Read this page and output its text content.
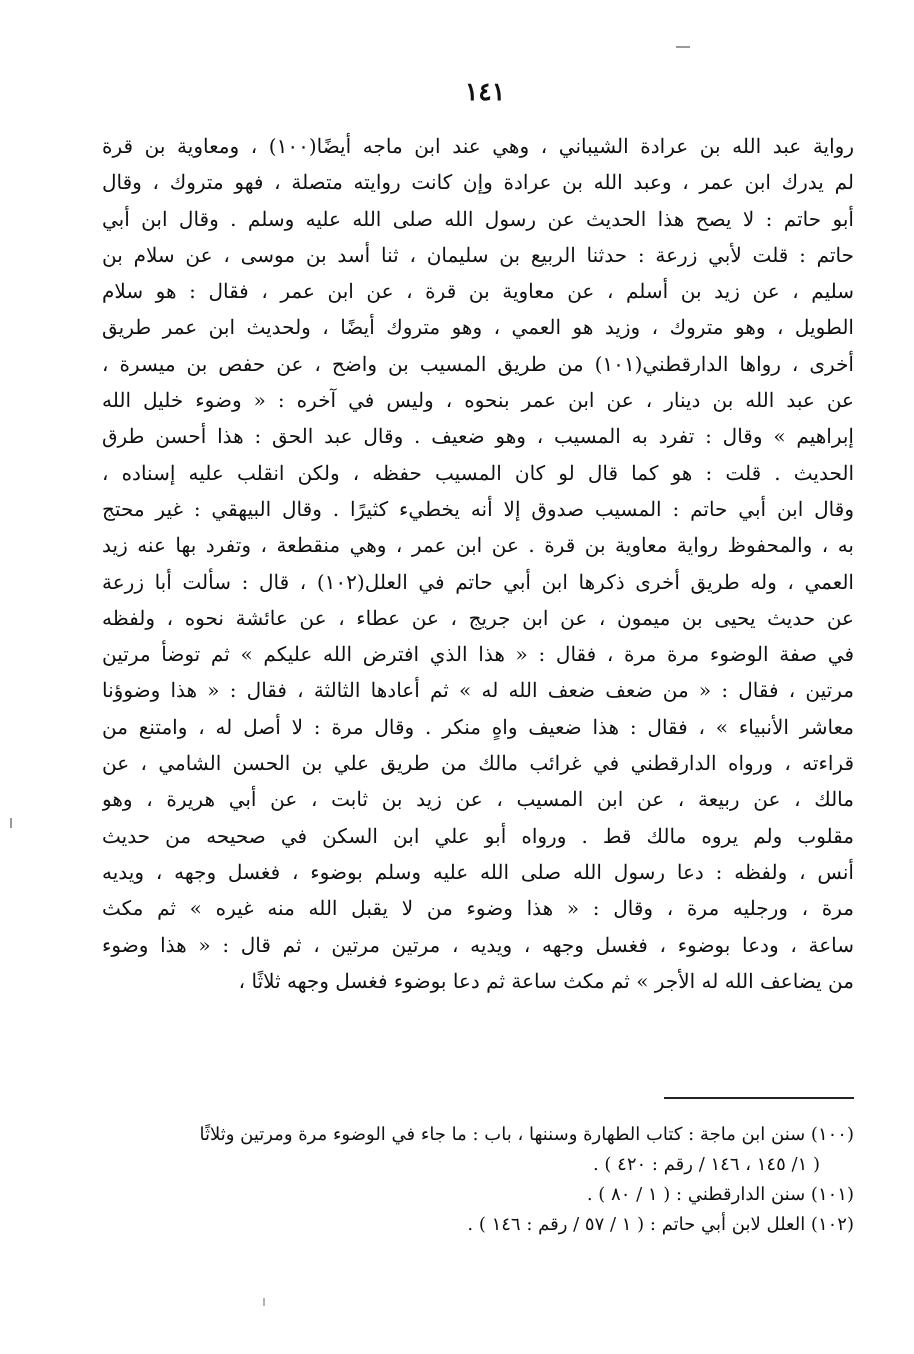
١٤١
رواية عبد الله بن عرادة الشيباني ، وهي عند ابن ماجه أيضًا(١٠٠) ، ومعاوية بن قرة
لم يدرك ابن عمر ، وعبد الله بن عرادة وإن كانت روايته متصلة ، فهو متروك ، وقال
أبو حاتم : لا يصح هذا الحديث عن رسول الله صلى الله عليه وسلم . وقال ابن أبي
حاتم : قلت لأبي زرعة : حدثنا الربيع بن سليمان ، ثنا أسد بن موسى ، عن سلام بن
سليم ، عن زيد بن أسلم ، عن معاوية بن قرة ، عن ابن عمر ، فقال : هو سلام
الطويل ، وهو متروك ، وزيد هو العمي ، وهو متروك أيضًا ، ولحديث ابن عمر طريق
أخرى ، رواها الدارقطني(١٠١) من طريق المسيب بن واضح ، عن حفص بن ميسرة ،
عن عبد الله بن دينار ، عن ابن عمر بنحوه ، وليس في آخره : « وضوء خليل الله
إبراهيم » وقال : تفرد به المسيب ، وهو ضعيف . وقال عبد الحق : هذا أحسن طرق
الحديث . قلت : هو كما قال لو كان المسيب حفظه ، ولكن انقلب عليه إسناده ،
وقال ابن أبي حاتم : المسيب صدوق إلا أنه يخطيء كثيرًا . وقال البيهقي : غير محتج
به ، والمحفوظ رواية معاوية بن قرة . عن ابن عمر ، وهي منقطعة ، وتفرد بها عنه زيد
العمي ، وله طريق أخرى ذكرها ابن أبي حاتم في العلل(١٠٢) ، قال : سألت أبا زرعة
عن حديث يحيى بن ميمون ، عن ابن جريج ، عن عطاء ، عن عائشة نحوه ، ولفظه
في صفة الوضوء مرة مرة ، فقال : « هذا الذي افترض الله عليكم » ثم توضأ مرتين
مرتين ، فقال : « من ضعف ضعف الله له » ثم أعادها الثالثة ، فقال : « هذا وضوؤنا
معاشر الأنبياء » ، فقال : هذا ضعيف واهٍ منكر . وقال مرة : لا أصل له ، وامتنع من
قراءته ، ورواه الدارقطني في غرائب مالك من طريق علي بن الحسن الشامي ، عن
مالك ، عن ربيعة ، عن ابن المسيب ، عن زيد بن ثابت ، عن أبي هريرة ، وهو
مقلوب ولم يروه مالك قط . ورواه أبو علي ابن السكن في صحيحه من حديث
أنس ، ولفظه : دعا رسول الله صلى الله عليه وسلم بوضوء ، فغسل وجهه ، ويديه
مرة ، ورجليه مرة ، وقال : « هذا وضوء من لا يقبل الله منه غيره » ثم مكث
ساعة ، ودعا بوضوء ، فغسل وجهه ، ويديه ، مرتين مرتين ، ثم قال : « هذا وضوء
من يضاعف الله له الأجر » ثم مكث ساعة ثم دعا بوضوء فغسل وجهه ثلاثًا ،
(١٠٠) سنن ابن ماجة : كتاب الطهارة وسننها ، باب : ما جاء في الوضوء مرة ومرتين وثلاثًا
( ١/ ١٤٥ ، ١٤٦ / رقم : ٤٢٠ ) .
(١٠١) سنن الدارقطني : ( ١ / ٨٠ ) .
(١٠٢) العلل لابن أبي حاتم : ( ١ / ٥٧ / رقم : ١٤٦ ) .
